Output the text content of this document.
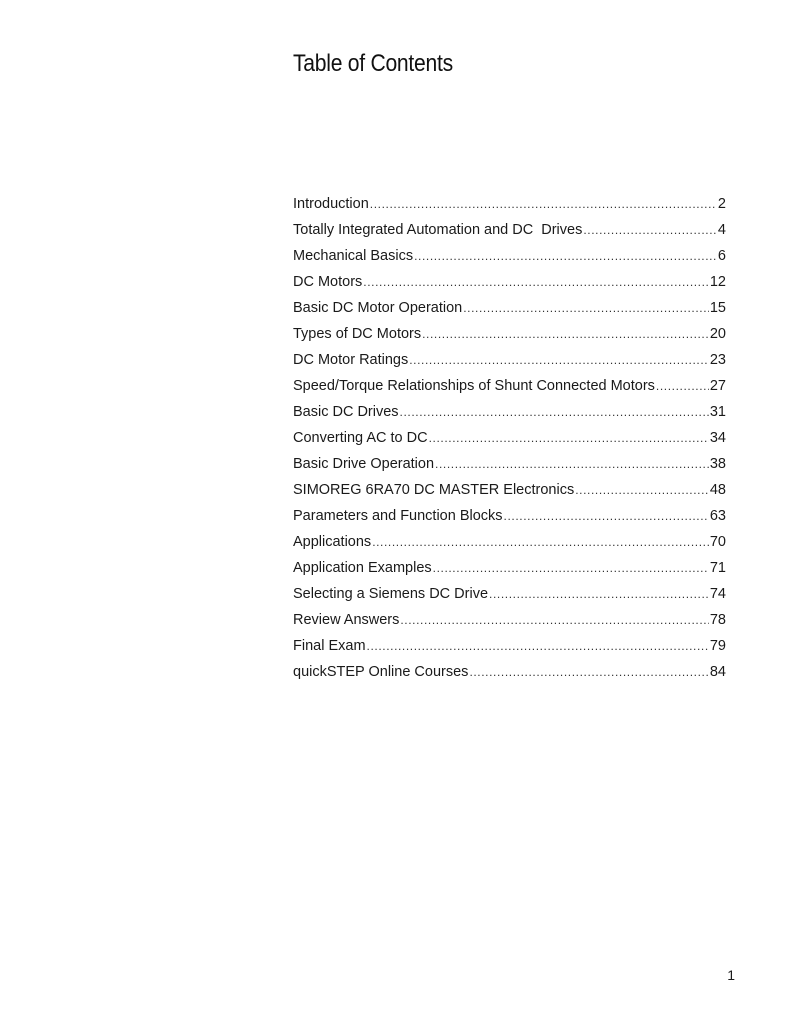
Table of Contents
Introduction .....	2
Totally Integrated Automation and DC  Drives .....	4
Mechanical Basics .....	6
DC Motors .....	12
Basic DC Motor Operation .....	15
Types of DC Motors .....	20
DC Motor Ratings .....	23
Speed/Torque Relationships of Shunt Connected Motors .....	27
Basic DC Drives .....	31
Converting AC to DC .....	34
Basic Drive Operation .....	38
SIMOREG 6RA70 DC MASTER Electronics .....	48
Parameters and Function Blocks .....	63
Applications .....	70
Application Examples .....	71
Selecting a Siemens DC Drive .....	74
Review Answers .....	78
Final Exam .....	79
quickSTEP Online Courses .....	84
1
